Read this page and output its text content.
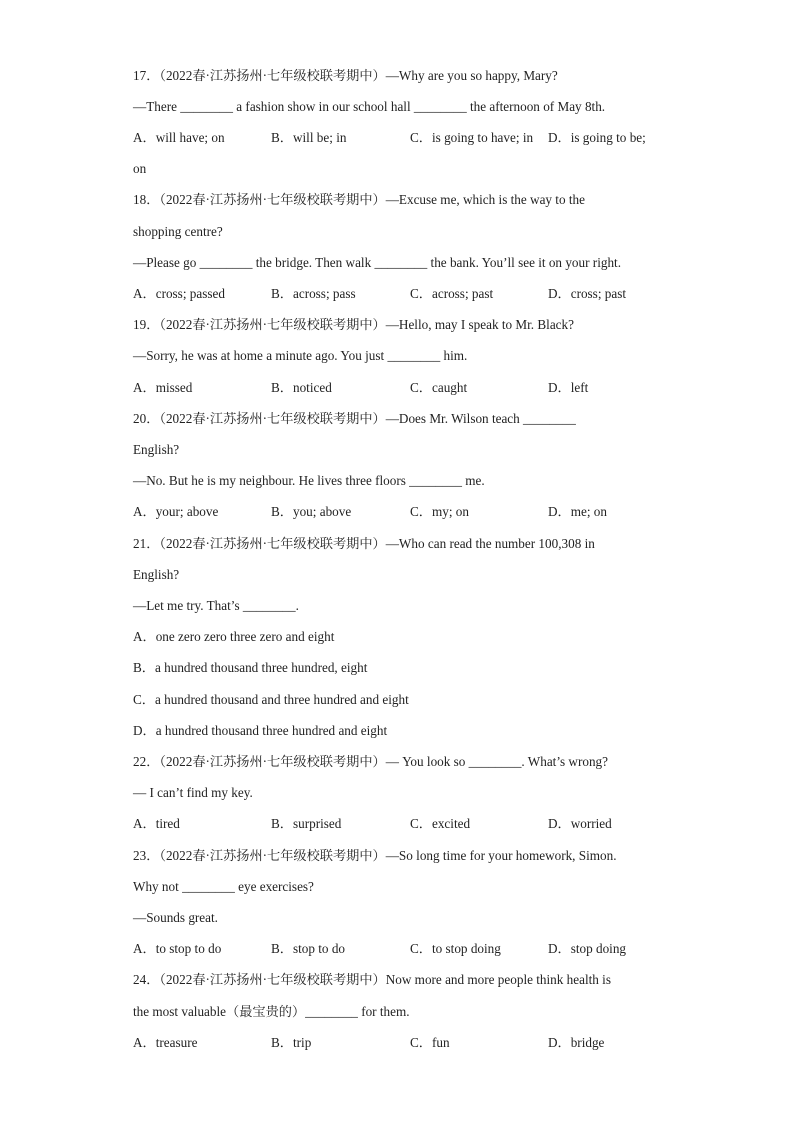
17．（2022春·江苏扬州·七年级校联考期中）—Why are you so happy, Mary?
—There ________ a fashion show in our school hall ________ the afternoon of May 8th.
A．will have; on	B．will be; in	C．is going to have; in D．is going to be;
on
18．（2022春·江苏扬州·七年级校联考期中）—Excuse me, which is the way to the
shopping centre?
—Please go ________ the bridge. Then walk ________ the bank. You’ll see it on your right.
A．cross; passed	B．across; pass	C．across; past	D．cross; past
19．（2022春·江苏扬州·七年级校联考期中）—Hello, may I speak to Mr. Black?
—Sorry, he was at home a minute ago. You just ________ him.
A．missed	B．noticed	C．caught	D．left
20．（2022春·江苏扬州·七年级校联考期中）—Does Mr. Wilson teach ________
English?
—No. But he is my neighbour. He lives three floors ________ me.
A．your; above	B．you; above	C．my; on	D．me; on
21．（2022春·江苏扬州·七年级校联考期中）—Who can read the number 100,308 in
English?
—Let me try. That’s ________.
A．one zero zero three zero and eight
B．a hundred thousand three hundred, eight
C．a hundred thousand and three hundred and eight
D．a hundred thousand three hundred and eight
22．（2022春·江苏扬州·七年级校联考期中）— You look so ________. What’s wrong?
— I can’t find my key.
A．tired	B．surprised	C．excited	D．worried
23．（2022春·江苏扬州·七年级校联考期中）—So long time for your homework, Simon.
Why not ________ eye exercises?
—Sounds great.
A．to stop to do	B．stop to do	C．to stop doing	D．stop doing
24．（2022春·江苏扬州·七年级校联考期中）Now more and more people think health is
the most valuable（最宝贵的）________ for them.
A．treasure	B．trip	C．fun	D．bridge
